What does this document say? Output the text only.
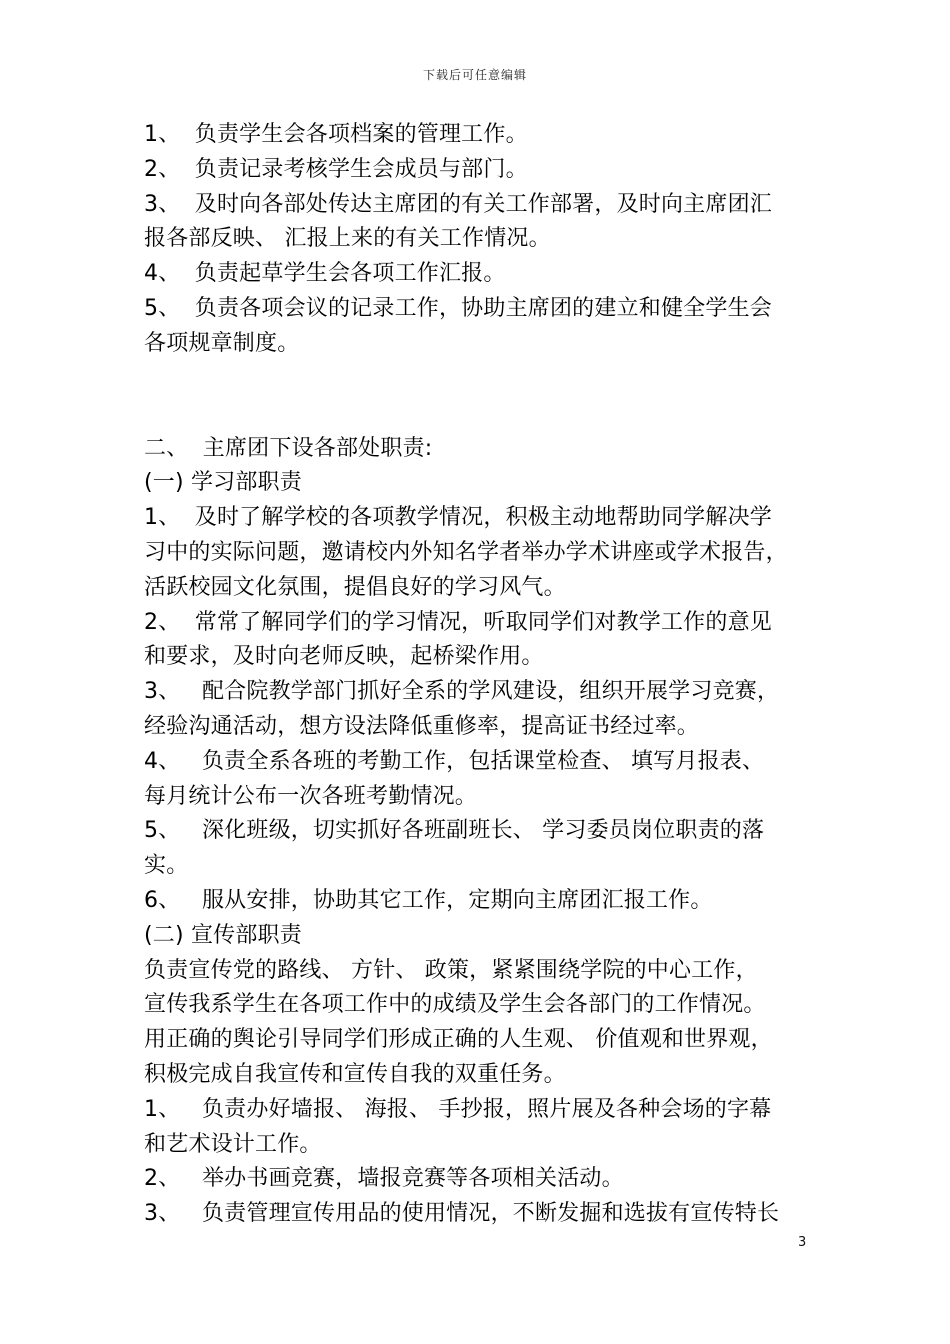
下载后可任意编辑
1、  负责学生会各项档案的管理工作。
2、  负责记录考核学生会成员与部门。
3、  及时向各部处传达主席团的有关工作部署，及时向主席团汇
报各部反映、 汇报上来的有关工作情况。
4、  负责起草学生会各项工作汇报。
5、  负责各项会议的记录工作，协助主席团的建立和健全学生会
各项规章制度。
二、  主席团下设各部处职责:
(一) 学习部职责
1、  及时了解学校的各项教学情况，积极主动地帮助同学解决学
习中的实际问题，邀请校内外知名学者举办学术讲座或学术报告，
活跃校园文化氛围，提倡良好的学习风气。
2、  常常了解同学们的学习情况，听取同学们对教学工作的意见
和要求，及时向老师反映，起桥梁作用。
3、   配合院教学部门抓好全系的学风建设，组织开展学习竞赛，
经验沟通活动，想方设法降低重修率，提高证书经过率。
4、   负责全系各班的考勤工作，包括课堂检查、 填写月报表、
每月统计公布一次各班考勤情况。
5、   深化班级，切实抓好各班副班长、 学习委员岗位职责的落
实。
6、   服从安排，协助其它工作，定期向主席团汇报工作。
(二) 宣传部职责
负责宣传党的路线、 方针、 政策，紧紧围绕学院的中心工作，
宣传我系学生在各项工作中的成绩及学生会各部门的工作情况。
用正确的舆论引导同学们形成正确的人生观、 价值观和世界观，
积极完成自我宣传和宣传自我的双重任务。
1、   负责办好墙报、 海报、 手抄报，照片展及各种会场的字幕
和艺术设计工作。
2、   举办书画竞赛，墙报竞赛等各项相关活动。
3、   负责管理宣传用品的使用情况，不断发掘和选拔有宣传特长
3
